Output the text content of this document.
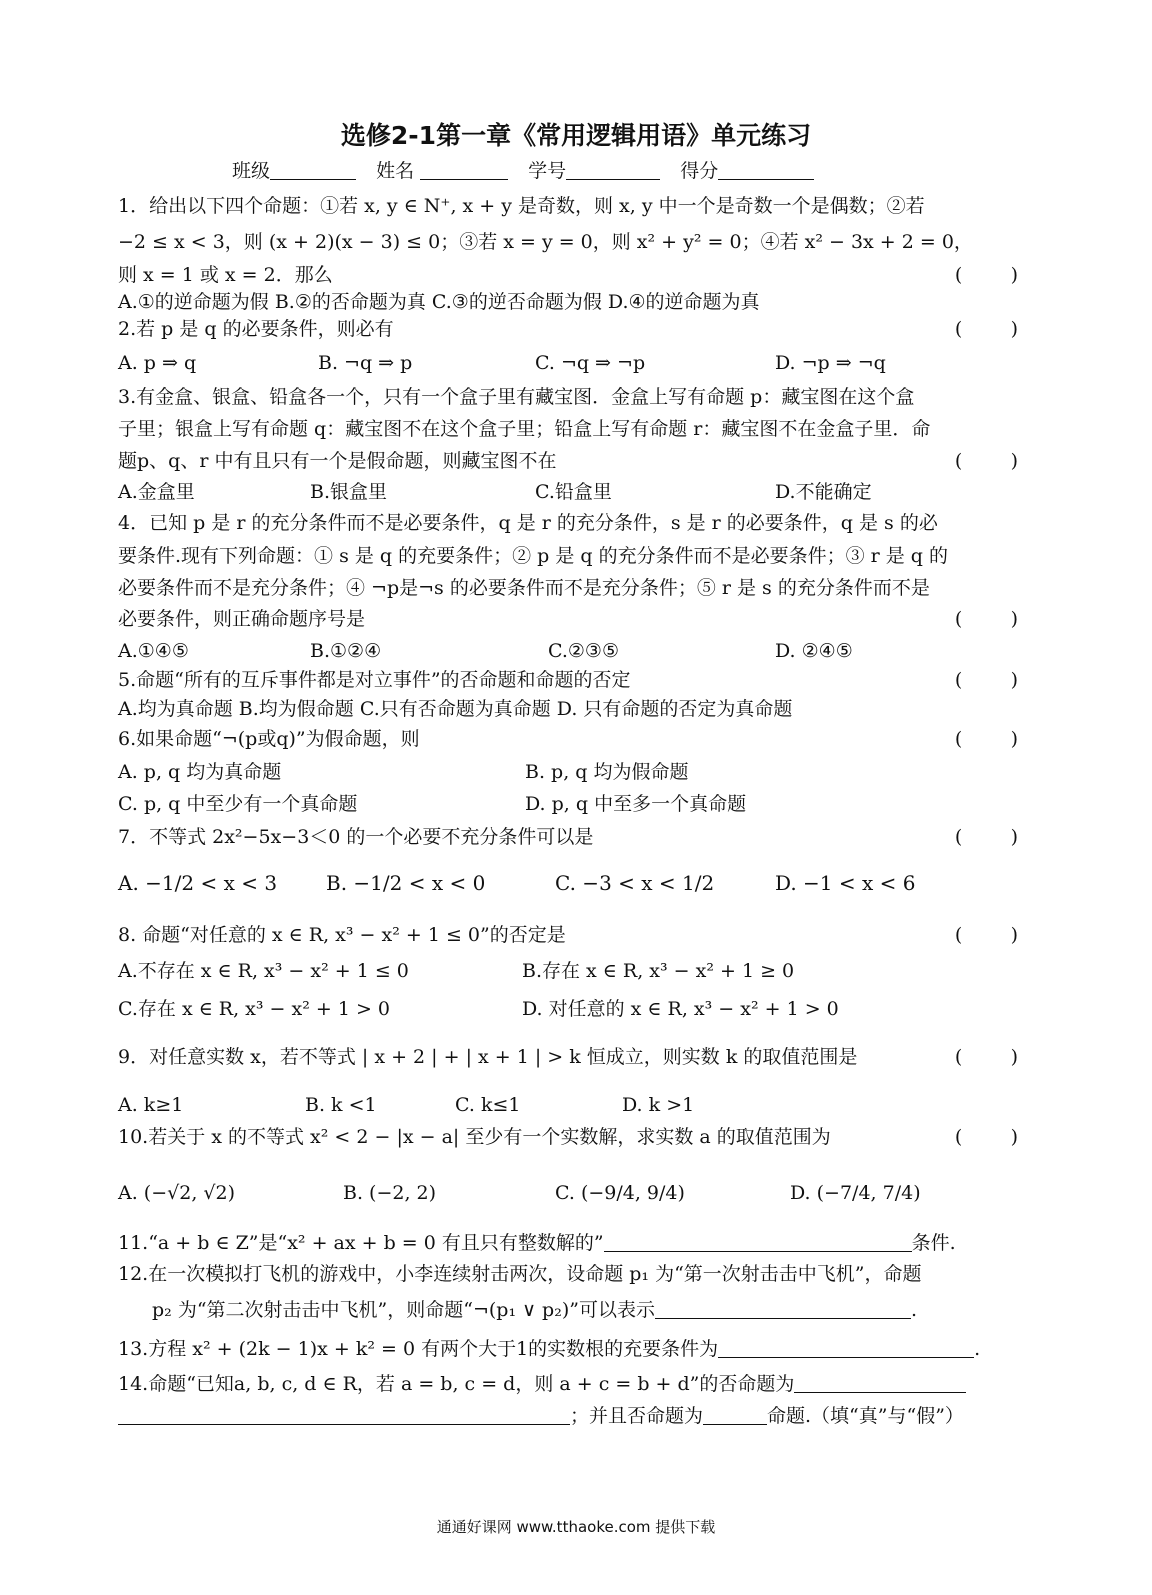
选修2-1第一章《常用逻辑用语》单元练习
班级	姓名	学号	得分
1．给出以下四个命题：①若 x, y ∈ N⁺, x + y 是奇数，则 x, y 中一个是奇数一个是偶数；②若
−2 ≤ x < 3，则 (x + 2)(x − 3) ≤ 0；③若 x = y = 0，则 x² + y² = 0；④若 x² − 3x + 2 = 0，
则 x = 1 或 x = 2．那么	(        )
A.①的逆命题为假 B.②的否命题为真 C.③的逆否命题为假 D.④的逆命题为真
2.若 p 是 q 的必要条件，则必有	(        )
A. p ⇒ q	B. ¬q ⇒ p	C. ¬q ⇒ ¬p	D. ¬p ⇒ ¬q
3.有金盒、银盒、铅盒各一个，只有一个盒子里有藏宝图．金盒上写有命题 p：藏宝图在这个盒
子里；银盒上写有命题 q：藏宝图不在这个盒子里；铅盒上写有命题 r：藏宝图不在金盒子里．命
题p、q、r 中有且只有一个是假命题，则藏宝图不在	(        )
A.金盒里	B.银盒里	C.铅盒里	D.不能确定
4．已知 p 是 r 的充分条件而不是必要条件，q 是 r 的充分条件，s 是 r 的必要条件，q 是 s 的必
要条件.现有下列命题：① s 是 q 的充要条件；② p 是 q 的充分条件而不是必要条件；③ r 是 q 的
必要条件而不是充分条件；④ ¬p是¬s 的必要条件而不是充分条件；⑤ r 是 s 的充分条件而不是
必要条件，则正确命题序号是	(        )
A.①④⑤	B.①②④	C.②③⑤	D. ②④⑤
5.命题“所有的互斥事件都是对立事件”的否命题和命题的否定	(        )
A.均为真命题 B.均为假命题 C.只有否命题为真命题 D. 只有命题的否定为真命题
6.如果命题“¬(p或q)”为假命题，则	(        )
A. p, q 均为真命题	B. p, q 均为假命题
C. p, q 中至少有一个真命题	D. p, q 中至多一个真命题
7．不等式 2x²−5x−3＜0 的一个必要不充分条件可以是	(        )
A. −1/2 < x < 3 B. −1/2 < x < 0	C. −3 < x < 1/2	D. −1 < x < 6
8. 命题“对任意的 x ∈ R, x³ − x² + 1 ≤ 0”的否定是	(        )
A.不存在 x ∈ R, x³ − x² + 1 ≤ 0	B.存在 x ∈ R, x³ − x² + 1 ≥ 0
C.存在 x ∈ R, x³ − x² + 1 > 0	D. 对任意的 x ∈ R, x³ − x² + 1 > 0
9．对任意实数 x，若不等式 | x + 2 | + | x + 1 | > k 恒成立，则实数 k 的取值范围是	(        )
A. k≥1	B. k <1	C. k≤1	D. k >1
10.若关于 x 的不等式 x² < 2 − |x − a| 至少有一个实数解，求实数 a 的取值范围为	(        )
A. (−√2, √2)	B. (−2, 2)	C. (−9/4, 9/4)	D. (−7/4, 7/4)
11.“a + b ∈ Z”是“x² + ax + b = 0 有且只有整数解的”	条件.
12.在一次模拟打飞机的游戏中，小李连续射击两次，设命题 p₁ 为“第一次射击击中飞机”，命题
p₂ 为“第二次射击击中飞机”，则命题“¬(p₁ ∨ p₂)”可以表示	.
13.方程 x² + (2k − 1)x + k² = 0 有两个大于1的实数根的充要条件为	.
14.命题“已知a, b, c, d ∈ R，若 a = b, c = d，则 a + c = b + d”的否命题为
；并且否命题为	命题.（填“真”与“假”）
通通好课网 www.tthaoke.com 提供下载
